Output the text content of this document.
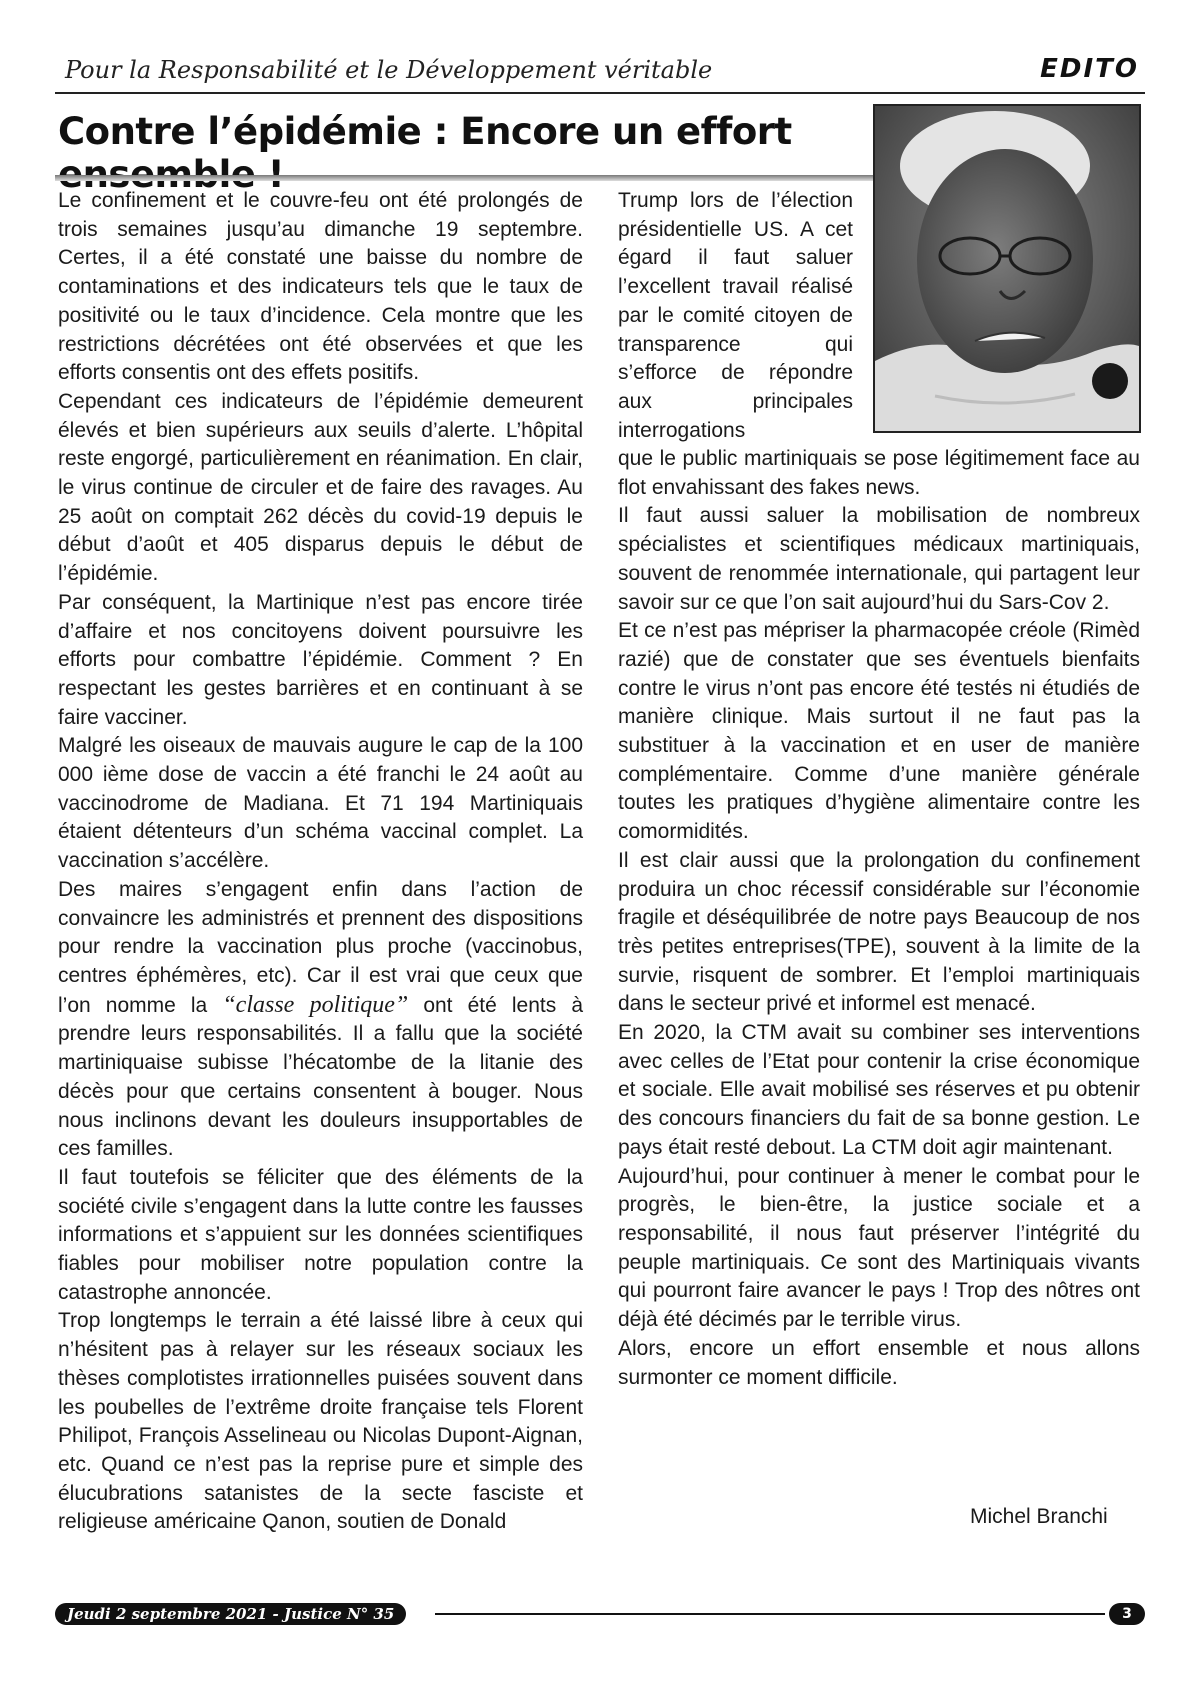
Pour la Responsabilité et le Développement véritable	EDITO
Contre l’épidémie : Encore un effort

Le confinement et le couvre-feu ont été prolongés de trois semaines jusqu’au dimanche 19 septembre. Certes, il a été constaté une baisse du nombre de contaminations et des indicateurs tels que le taux de positivité ou le taux d’incidence. Cela montre que les restrictions décrétées ont été observées et que les efforts consentis ont des effets positifs.

Cependant ces indicateurs de l’épidémie demeurent élevés et bien supérieurs aux seuils d’alerte. L’hôpital reste engorgé, particulièrement en réanimation. En clair, le virus continue de circuler et de faire des ravages. Au 25 août on comptait 262 décès du covid-19 depuis le début d’août et 405 disparus depuis le début de l’épidémie.

Par conséquent, la Martinique n’est pas encore tirée d’affaire et nos concitoyens doivent poursuivre les efforts pour combattre l’épidémie. Comment ? En respectant les gestes barrières et en continuant à se faire vacciner.

Malgré les oiseaux de mauvais augure le cap de la 100 000 ième dose de vaccin a été franchi le 24 août au vaccinodrome de Madiana. Et 71 194 Martiniquais étaient détenteurs d’un schéma vaccinal complet. La vaccination s’accélère.

Des maires s’engagent enfin dans l’action de convaincre les administrés et prennent des dispositions pour rendre la vaccination plus proche (vaccinobus, centres éphémères, etc). Car il est vrai que ceux que l’on nomme la “classe politique” ont été lents à prendre leurs responsabilités. Il a fallu que la société martiniquaise subisse l’hécatombe de la litanie des décès pour que certains consentent à bouger. Nous nous inclinons devant les douleurs insupportables de ces familles.

Il faut toutefois se féliciter que des éléments de la société civile s’engagent dans la lutte contre les fausses informations et s’appuient sur les données scientifiques fiables pour mobiliser notre population contre la catastrophe annoncée.

Trop longtemps le terrain a été laissé libre à ceux qui n’hésitent pas à relayer sur les réseaux sociaux les thèses complotistes irrationnelles puisées souvent dans les poubelles de l’extrême droite française tels Florent Philipot, François Asselineau ou Nicolas Dupont-Aignan, etc. Quand ce n’est pas la reprise pure et simple des élucubrations satanistes de la secte fasciste et religieuse américaine Qanon, soutien de Donald

Trump lors de l’élection présidentielle US. A cet égard il faut saluer l’excellent travail réalisé par le comité citoyen de transparence qui s’efforce de répondre aux principales interrogations

que le public martiniquais se pose légitimement face au flot envahissant des fakes news.

Il faut aussi saluer la mobilisation de nombreux spécialistes et scientifiques médicaux martiniquais, souvent de renommée internationale, qui partagent leur savoir sur ce que l’on sait aujourd’hui du Sars-Cov 2.

Et ce n’est pas mépriser la pharmacopée créole (Rimèd razié) que de constater que ses éventuels bienfaits contre le virus n’ont pas encore été testés ni étudiés de manière clinique. Mais surtout il ne faut pas la substituer à la vaccination et en user de manière complémentaire. Comme d’une manière générale toutes les pratiques d’hygiène alimentaire contre les comormidités.

Il est clair aussi que la prolongation du confinement produira un choc récessif considérable sur l’économie fragile et déséquilibrée de notre pays Beaucoup de nos très petites entreprises(TPE), souvent à la limite de la survie, risquent de sombrer. Et l’emploi martiniquais dans le secteur privé et informel est menacé.

En 2020, la CTM avait su combiner ses interventions avec celles de l’Etat pour contenir la crise économique et sociale. Elle avait mobilisé ses réserves et pu obtenir des concours financiers du fait de sa bonne gestion. Le pays était resté debout. La CTM doit agir maintenant.

Aujourd’hui, pour continuer à mener le combat pour le progrès, le bien-être, la justice sociale et a responsabilité, il nous faut préserver l’intégrité du peuple martiniquais. Ce sont des Martiniquais vivants qui pourront faire avancer le pays ! Trop des nôtres ont déjà été décimés par le terrible virus.

Alors, encore un effort ensemble et nous allons surmonter ce moment difficile.

Michel Branchi
Jeudi 2 septembre 2021 - Justice N° 35	3
